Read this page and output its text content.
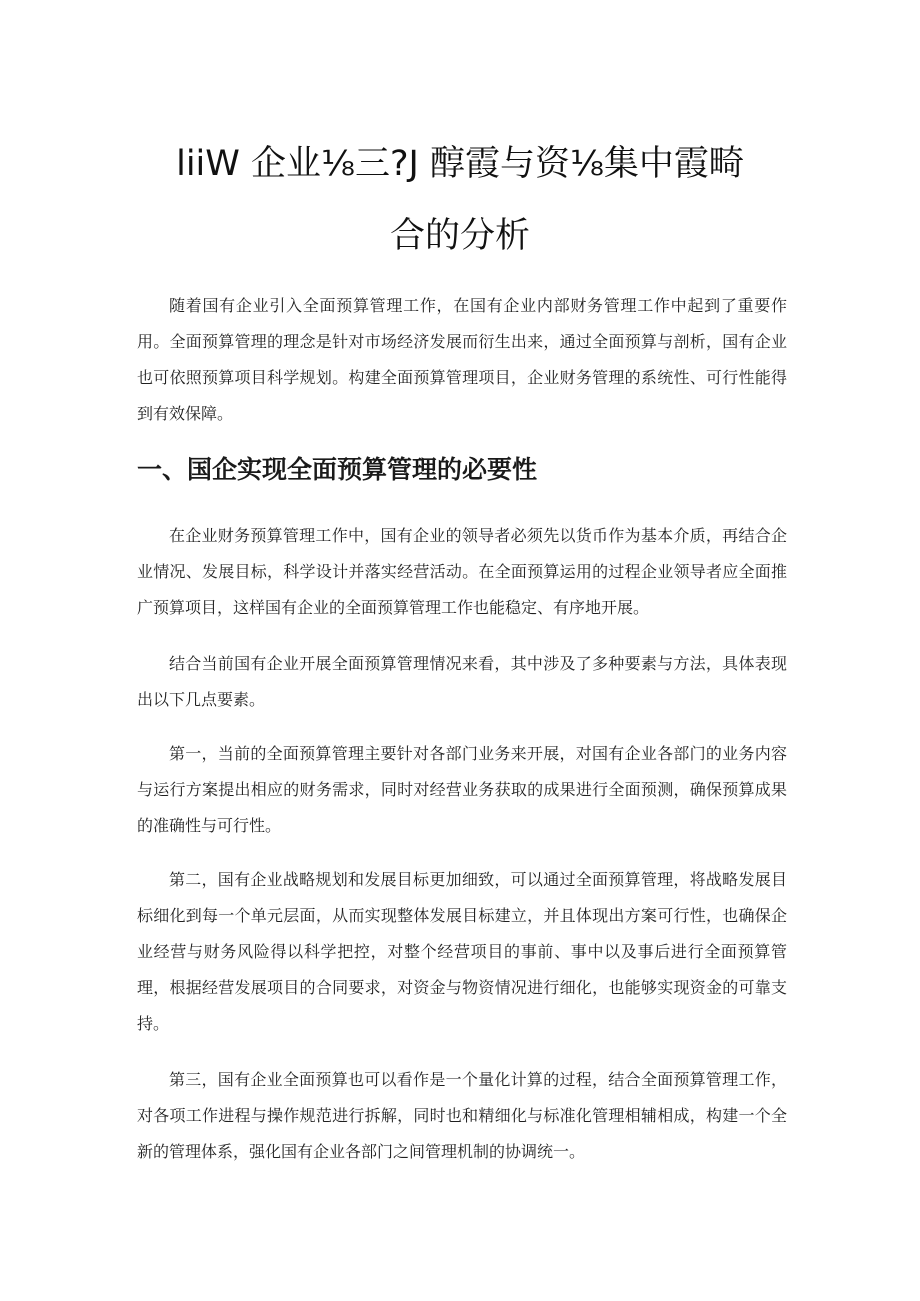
liiW 企业⅛三?J 醇霞与资⅛集中霞畸
合的分析

随着国有企业引入全面预算管理工作，在国有企业内部财务管理工作中起到了重要作用。全面预算管理的理念是针对市场经济发展而衍生出来，通过全面预算与剖析，国有企业也可依照预算项目科学规划。构建全面预算管理项目，企业财务管理的系统性、可行性能得到有效保障。

一、国企实现全面预算管理的必要性

在企业财务预算管理工作中，国有企业的领导者必须先以货币作为基本介质，再结合企业情况、发展目标，科学设计并落实经营活动。在全面预算运用的过程企业领导者应全面推广预算项目，这样国有企业的全面预算管理工作也能稳定、有序地开展。

结合当前国有企业开展全面预算管理情况来看，其中涉及了多种要素与方法，具体表现出以下几点要素。

第一，当前的全面预算管理主要针对各部门业务来开展，对国有企业各部门的业务内容与运行方案提出相应的财务需求，同时对经营业务获取的成果进行全面预测，确保预算成果的准确性与可行性。

第二，国有企业战略规划和发展目标更加细致，可以通过全面预算管理，将战略发展目标细化到每一个单元层面，从而实现整体发展目标建立，并且体现出方案可行性，也确保企业经营与财务风险得以科学把控，对整个经营项目的事前、事中以及事后进行全面预算管理，根据经营发展项目的合同要求，对资金与物资情况进行细化，也能够实现资金的可靠支持。

第三，国有企业全面预算也可以看作是一个量化计算的过程，结合全面预算管理工作，对各项工作进程与操作规范进行拆解，同时也和精细化与标准化管理相辅相成，构建一个全新的管理体系，强化国有企业各部门之间管理机制的协调统一。
